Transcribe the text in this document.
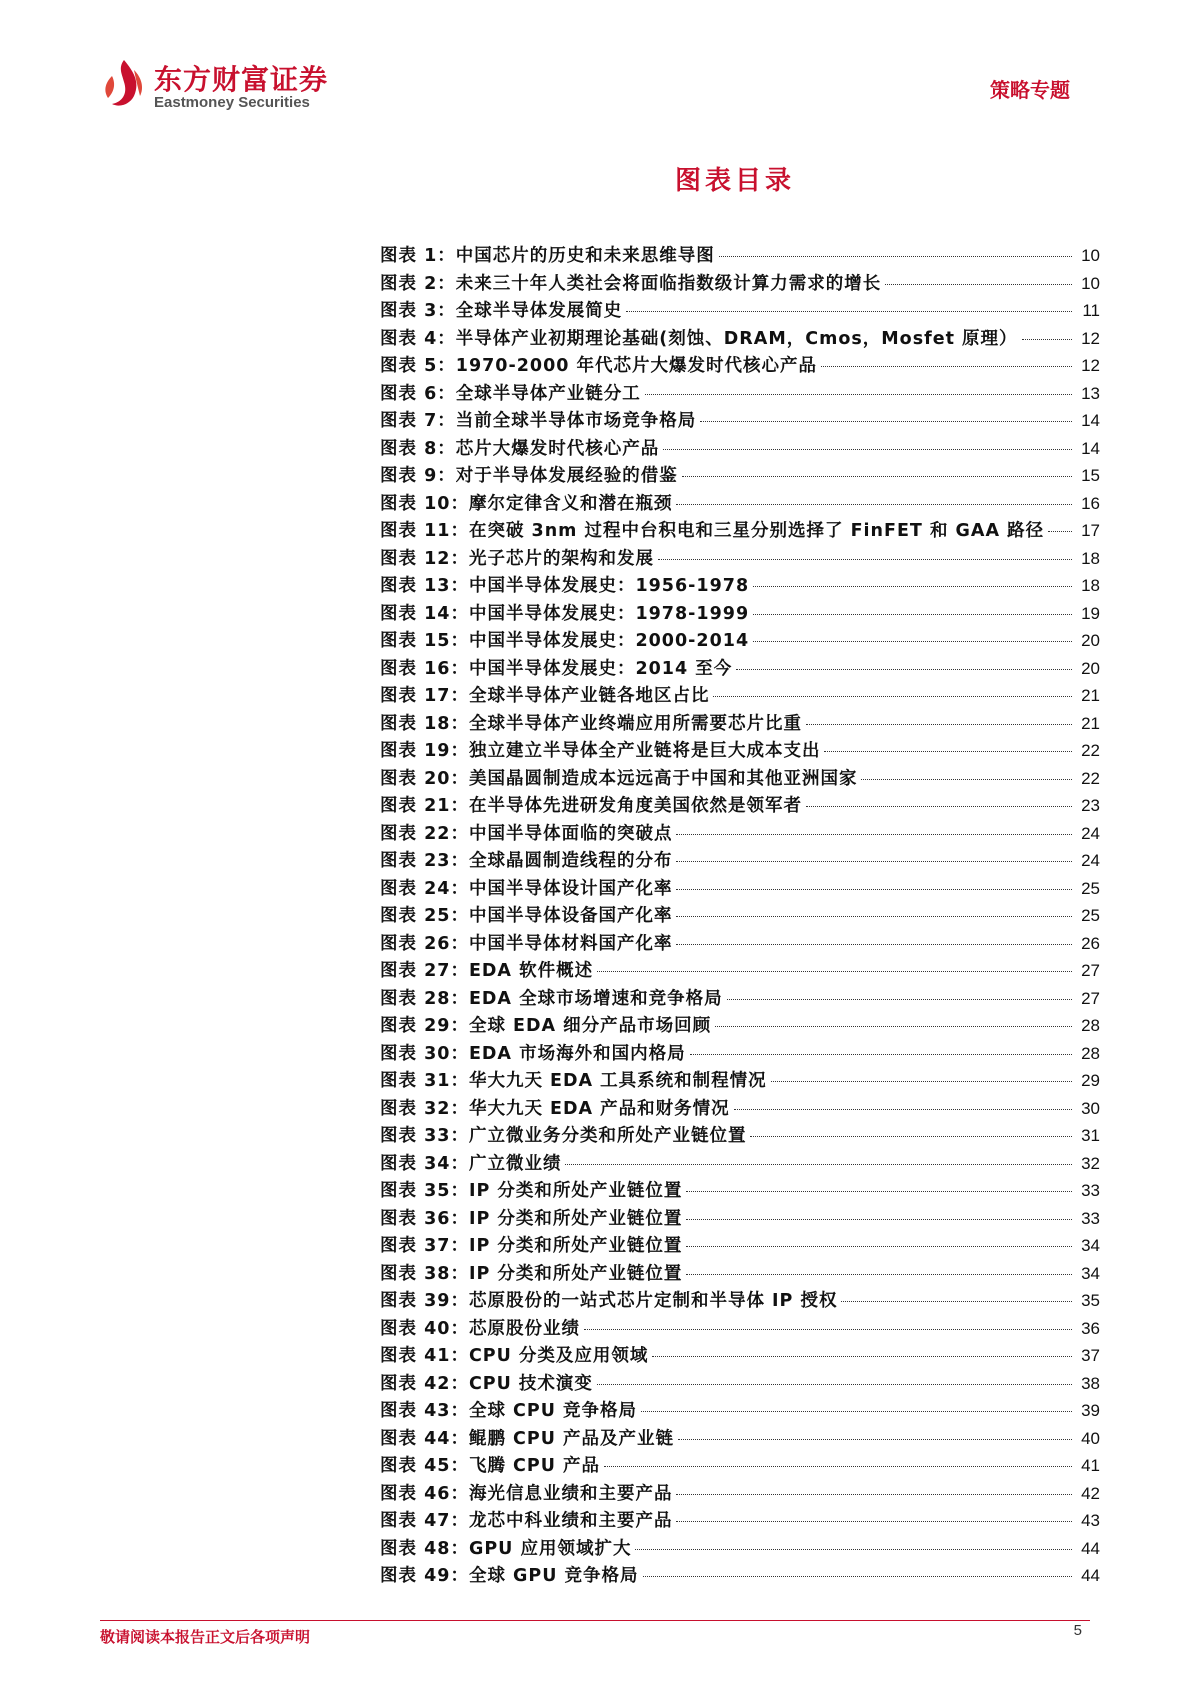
东方财富证券
Eastmoney Securities
策略专题
图表目录
图表 1： 中国芯片的历史和未来思维导图	10
图表 2： 未来三十年人类社会将面临指数级计算力需求的增长	10
图表 3： 全球半导体发展简史	11
图表 4： 半导体产业初期理论基础(刻蚀、DRAM，Cmos，Mosfet 原理）	12
图表 5： 1970-2000 年代芯片大爆发时代核心产品	12
图表 6： 全球半导体产业链分工	13
图表 7： 当前全球半导体市场竞争格局	14
图表 8： 芯片大爆发时代核心产品	14
图表 9： 对于半导体发展经验的借鉴	15
图表 10： 摩尔定律含义和潜在瓶颈	16
图表 11： 在突破 3nm 过程中台积电和三星分别选择了 FinFET 和 GAA 路径 17
图表 12： 光子芯片的架构和发展	18
图表 13： 中国半导体发展史：1956-1978	18
图表 14： 中国半导体发展史：1978-1999	19
图表 15： 中国半导体发展史：2000-2014	20
图表 16： 中国半导体发展史：2014 至今	20
图表 17： 全球半导体产业链各地区占比	21
图表 18： 全球半导体产业终端应用所需要芯片比重	21
图表 19： 独立建立半导体全产业链将是巨大成本支出	22
图表 20： 美国晶圆制造成本远远高于中国和其他亚洲国家	22
图表 21： 在半导体先进研发角度美国依然是领军者	23
图表 22： 中国半导体面临的突破点	24
图表 23： 全球晶圆制造线程的分布	24
图表 24： 中国半导体设计国产化率	25
图表 25： 中国半导体设备国产化率	25
图表 26： 中国半导体材料国产化率	26
图表 27： EDA 软件概述	27
图表 28： EDA 全球市场增速和竞争格局	27
图表 29： 全球 EDA 细分产品市场回顾	28
图表 30： EDA 市场海外和国内格局	28
图表 31： 华大九天 EDA 工具系统和制程情况	29
图表 32： 华大九天 EDA 产品和财务情况	30
图表 33： 广立微业务分类和所处产业链位置	31
图表 34： 广立微业绩	32
图表 35： IP 分类和所处产业链位置	33
图表 36： IP 分类和所处产业链位置	33
图表 37： IP 分类和所处产业链位置	34
图表 38： IP 分类和所处产业链位置	34
图表 39： 芯原股份的一站式芯片定制和半导体 IP 授权	35
图表 40： 芯原股份业绩	36
图表 41： CPU 分类及应用领域	37
图表 42： CPU 技术演变	38
图表 43： 全球 CPU 竞争格局	39
图表 44： 鲲鹏 CPU 产品及产业链	40
图表 45： 飞腾 CPU 产品	41
图表 46： 海光信息业绩和主要产品	42
图表 47： 龙芯中科业绩和主要产品	43
图表 48： GPU 应用领域扩大	44
图表 49： 全球 GPU 竞争格局	44
敬请阅读本报告正文后各项声明	5
